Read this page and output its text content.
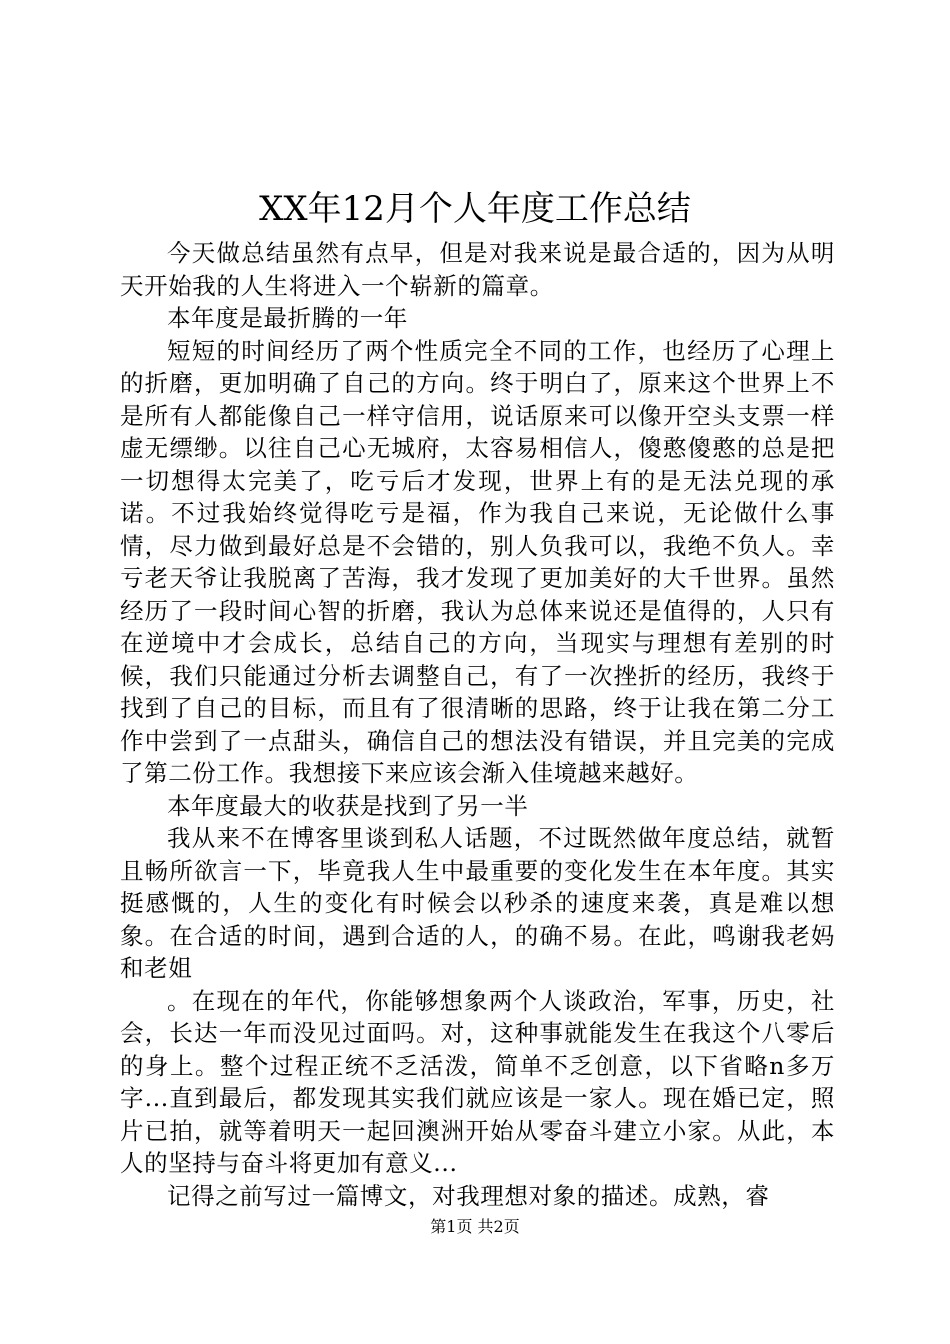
XX年12月个人年度工作总结

今天做总结虽然有点早，但是对我来说是最合适的，因为从明天开始我的人生将进入一个崭新的篇章。

本年度是最折腾的一年

短短的时间经历了两个性质完全不同的工作，也经历了心理上的折磨，更加明确了自己的方向。终于明白了，原来这个世界上不是所有人都能像自己一样守信用，说话原来可以像开空头支票一样虚无缥缈。以往自己心无城府，太容易相信人，傻憨傻憨的总是把一切想得太完美了，吃亏后才发现，世界上有的是无法兑现的承诺。不过我始终觉得吃亏是福，作为我自己来说，无论做什么事情，尽力做到最好总是不会错的，别人负我可以，我绝不负人。幸亏老天爷让我脱离了苦海，我才发现了更加美好的大千世界。虽然经历了一段时间心智的折磨，我认为总体来说还是值得的，人只有在逆境中才会成长，总结自己的方向，当现实与理想有差别的时候，我们只能通过分析去调整自己，有了一次挫折的经历，我终于找到了自己的目标，而且有了很清晰的思路，终于让我在第二分工作中尝到了一点甜头，确信自己的想法没有错误，并且完美的完成了第二份工作。我想接下来应该会渐入佳境越来越好。

本年度最大的收获是找到了另一半

我从来不在博客里谈到私人话题，不过既然做年度总结，就暂且畅所欲言一下，毕竟我人生中最重要的变化发生在本年度。其实挺感慨的，人生的变化有时候会以秒杀的速度来袭，真是难以想象。在合适的时间，遇到合适的人，的确不易。在此，鸣谢我老妈和老姐

。在现在的年代，你能够想象两个人谈政治，军事，历史，社会，长达一年而没见过面吗。对，这种事就能发生在我这个八零后的身上。整个过程正统不乏活泼，简单不乏创意，以下省略n多万字...直到最后，都发现其实我们就应该是一家人。现在婚已定，照片已拍，就等着明天一起回澳洲开始从零奋斗建立小家。从此，本人的坚持与奋斗将更加有意义...

记得之前写过一篇博文，对我理想对象的描述。成熟，睿

第1页 共2页
